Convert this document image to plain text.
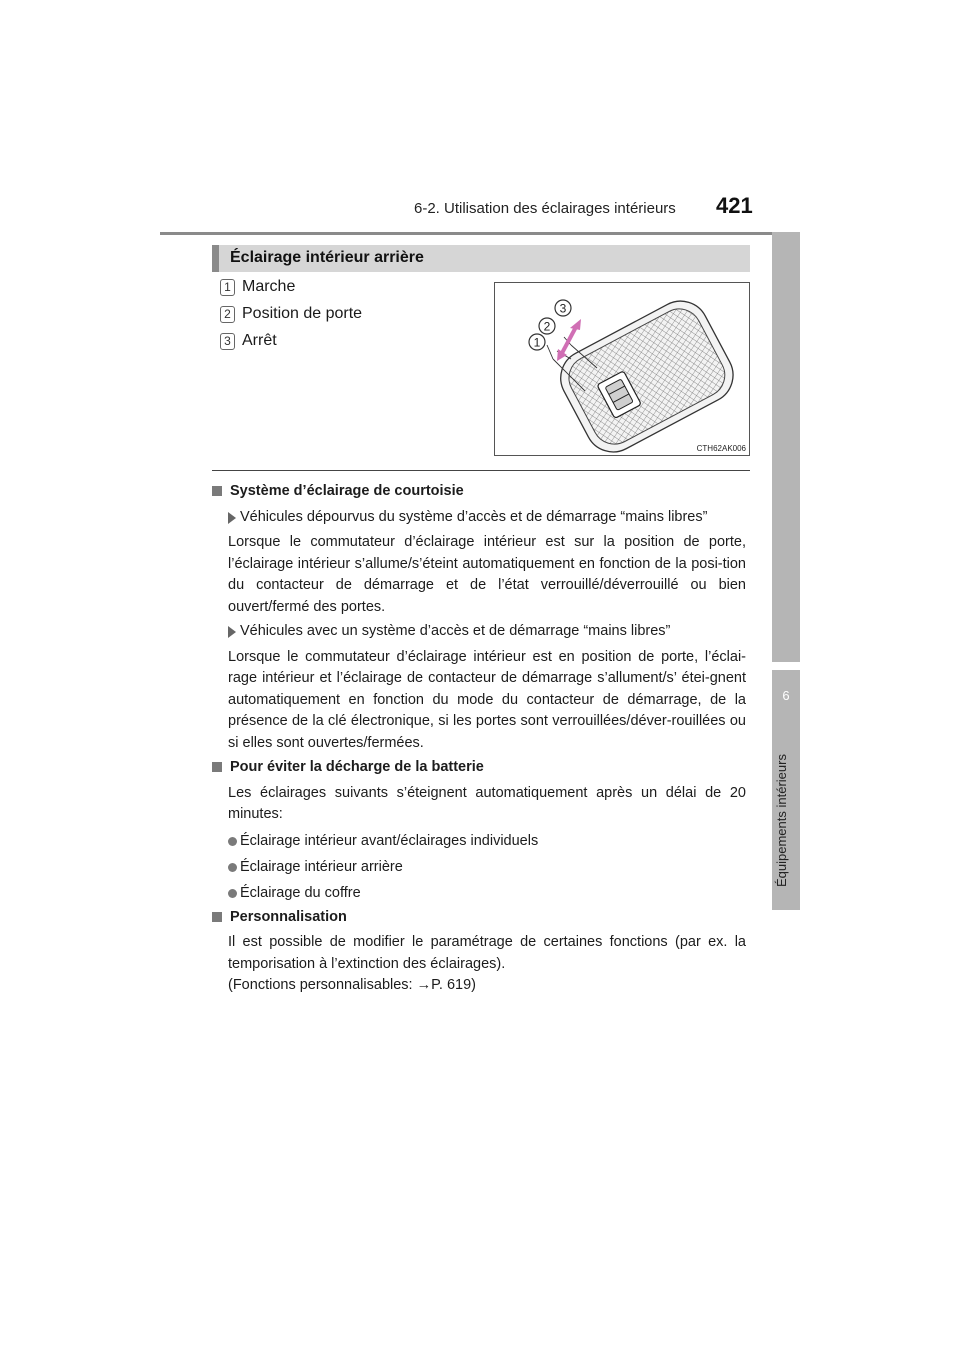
6-2. Utilisation des éclairages intérieurs 421
6
Équipements intérieurs
Éclairage intérieur arrière
1 Marche
2 Position de porte
3 Arrêt
3
2
1
CTH62AK006
Système d’éclairage de courtoisie
Véhicules dépourvus du système d’accès et de démarrage “mains libres”

Lorsque le commutateur d’éclairage intérieur est sur la position de porte, l’éclairage intérieur s’allume/s’éteint automatiquement en fonction de la posi-tion du contacteur de démarrage et de l’état verrouillé/déverrouillé ou bien ouvert/fermé des portes.

Véhicules avec un système d’accès et de démarrage “mains libres”

Lorsque le commutateur d’éclairage intérieur est en position de porte, l’éclai-rage intérieur et l’éclairage de contacteur de démarrage s’allument/s’ étei-gnent automatiquement en fonction du mode du contacteur de démarrage, de la présence de la clé électronique, si les portes sont verrouillées/déver-rouillées ou si elles sont ouvertes/fermées.

Pour éviter la décharge de la batterie

Les éclairages suivants s’éteignent automatiquement après un délai de 20 minutes:

Éclairage intérieur avant/éclairages individuels
Éclairage intérieur arrière
Éclairage du coffre
Personnalisation

Il est possible de modifier le paramétrage de certaines fonctions (par ex. la temporisation à l’extinction des éclairages).

(Fonctions personnalisables: →P. 619)
